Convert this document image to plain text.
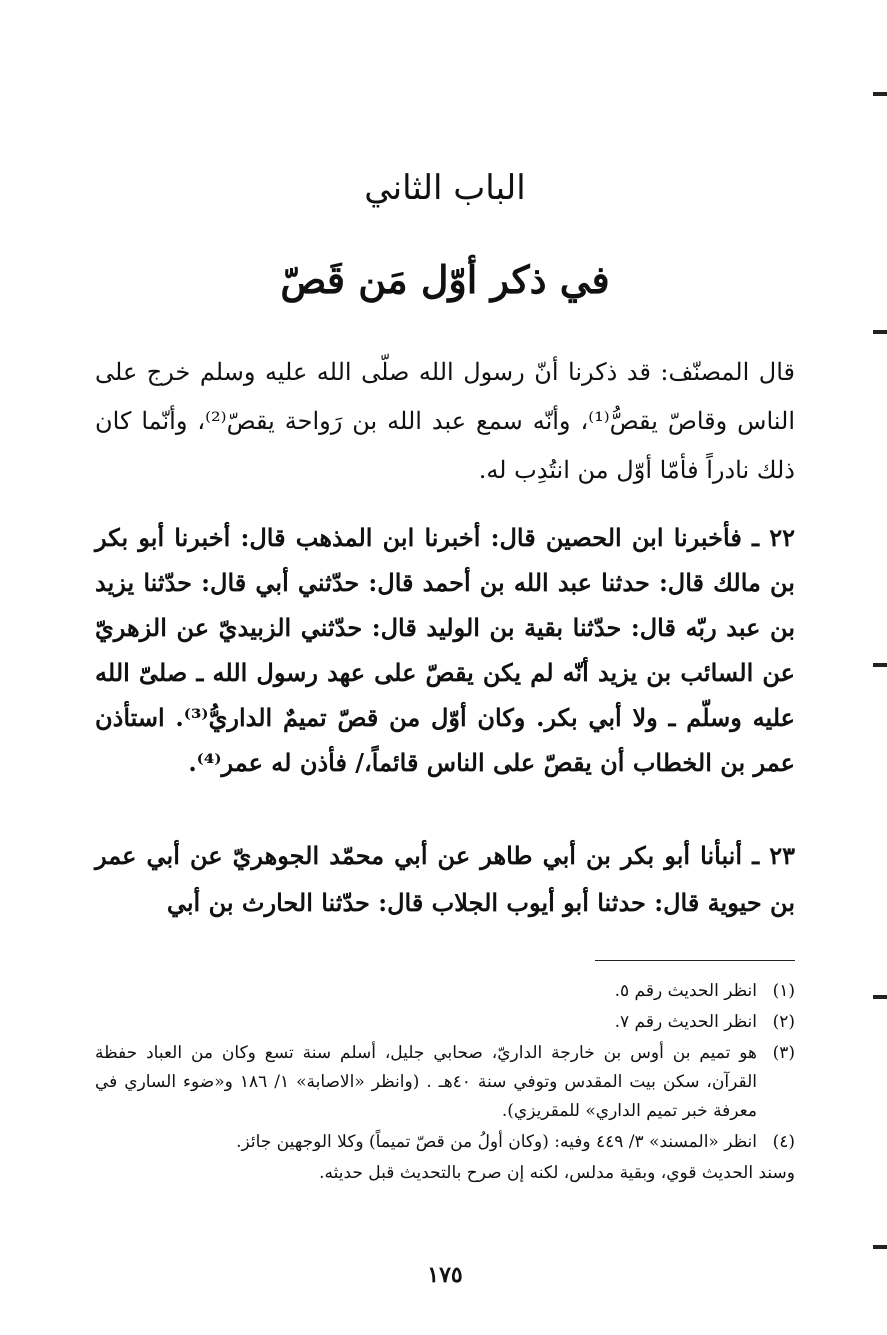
الباب الثاني
في ذكر أوّل مَن قَصّ

قال المصنّف: قد ذكرنا أنّ رسول الله صلّى الله عليه وسلم خرج على الناس وقاصّ يقصُّ⁽¹⁾، وأنّه سمع عبد الله بن رَواحة يقصّ⁽²⁾، وأنّما كان ذلك نادراً فأمّا أوّل من انتُدِب له.

٢٢ ـ فأخبرنا ابن الحصين قال: أخبرنا ابن المذهب قال: أخبرنا أبو بكر بن مالك قال: حدثنا عبد الله بن أحمد قال: حدّثني أبي قال: حدّثنا يزيد بن عبد ربّه قال: حدّثنا بقية بن الوليد قال: حدّثني الزبيديّ عن الزهريّ عن السائب بن يزيد أنّه لم يكن يقصّ على عهد رسول الله ـ صلىّ الله عليه وسلّم ـ ولا أبي بكر. وكان أوّل من قصّ تميمٌ الداريُّ⁽³⁾. استأذن عمر بن الخطاب أن يقصّ على الناس قائماً،/ فأذن له عمر⁽⁴⁾.

٢٣ ـ أنبأنا أبو بكر بن أبي طاهر عن أبي محمّد الجوهريّ عن أبي عمر بن حيوية قال: حدثنا أبو أيوب الجلاب قال: حدّثنا الحارث بن أبي

(١)
انظر الحديث رقم ٥.
(٢)
انظر الحديث رقم ٧.
(٣)
هو تميم بن أوس بن خارجة الداريّ، صحابي جليل، أسلم سنة تسع وكان من العباد حفظة القرآن، سكن بيت المقدس وتوفي سنة ٤٠هـ . (وانظر «الاصابة» ١/ ١٨٦ و«ضوء الساري في معرفة خبر تميم الداري» للمقريزي).
(٤)
انظر «المسند» ٣/ ٤٤٩ وفيه: (وكان أولُ من قصّ تميماً) وكلا الوجهين جائز.
وسند الحديث قوي، وبقية مدلس، لكنه إن صرح بالتحديث قبل حديثه.
١٧٥
